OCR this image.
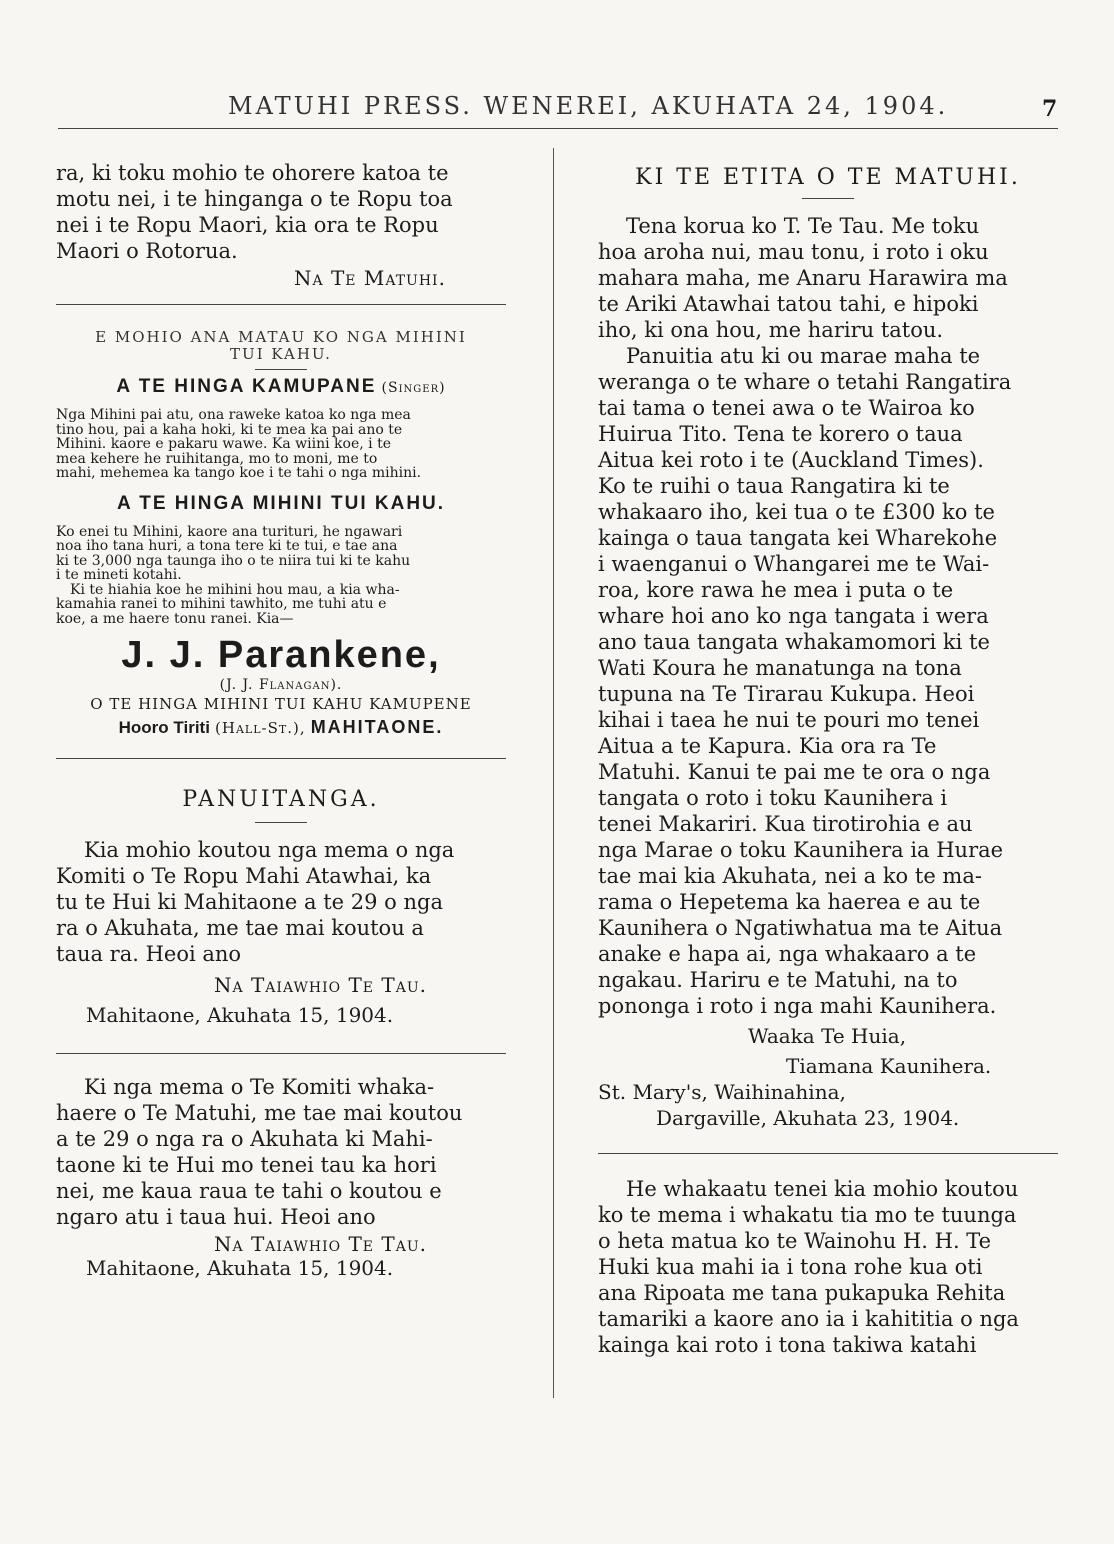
MATUHI PRESS. WENEREI, AKUHATA 24, 1904.	7
ra, ki toku mohio te ohorere katoa te
motu nei, i te hinganga o te Ropu toa
nei i te Ropu Maori, kia ora te Ropu
Maori o Rotorua.
Na Te Matuhi.
E MOHIO ANA MATAU KO NGA MIHINI
TUI KAHU.
A TE HINGA KAMUPANE (Singer)
Nga Mihini pai atu, ona raweke katoa ko nga mea
tino hou, pai a kaha hoki, ki te mea ka pai ano te
Mihini. kaore e pakaru wawe. Ka wiini koe, i te
mea kehere he ruihitanga, mo to moni, me to
mahi, mehemea ka tango koe i te tahi o nga mihini.
A TE HINGA MIHINI TUI KAHU.
Ko enei tu Mihini, kaore ana turituri, he ngawari
noa iho tana huri, a tona tere ki te tui, e tae ana
ki te 3,000 nga taunga iho o te niira tui ki te kahu
i te mineti kotahi.
Ki te hiahia koe he mihini hou mau, a kia wha-
kamahia ranei to mihini tawhito, me tuhi atu e
koe, a me haere tonu ranei. Kia—
J. J. Parankene,
(J. J. Flanagan).
O TE HINGA MIHINI TUI KAHU KAMUPENE
Hooro Tiriti (Hall-St.), MAHITAONE.
PANUITANGA.
Kia mohio koutou nga mema o nga
Komiti o Te Ropu Mahi Atawhai, ka
tu te Hui ki Mahitaone a te 29 o nga
ra o Akuhata, me tae mai koutou a
taua ra. Heoi ano
Na Taiawhio Te Tau.
Mahitaone, Akuhata 15, 1904.
Ki nga mema o Te Komiti whaka-
haere o Te Matuhi, me tae mai koutou
a te 29 o nga ra o Akuhata ki Mahi-
taone ki te Hui mo tenei tau ka hori
nei, me kaua raua te tahi o koutou e
ngaro atu i taua hui. Heoi ano
Na Taiawhio Te Tau.
Mahitaone, Akuhata 15, 1904.
KI TE ETITA O TE MATUHI.
Tena korua ko T. Te Tau. Me toku
hoa aroha nui, mau tonu, i roto i oku
mahara maha, me Anaru Harawira ma
te Ariki Atawhai tatou tahi, e hipoki
iho, ki ona hou, me hariru tatou.
Panuitia atu ki ou marae maha te
weranga o te whare o tetahi Rangatira
tai tama o tenei awa o te Wairoa ko
Huirua Tito. Tena te korero o taua
Aitua kei roto i te (Auckland Times).
Ko te ruihi o taua Rangatira ki te
whakaaro iho, kei tua o te £300 ko te
kainga o taua tangata kei Wharekohe
i waenganui o Whangarei me te Wai-
roa, kore rawa he mea i puta o te
whare hoi ano ko nga tangata i wera
ano taua tangata whakamomori ki te
Wati Koura he manatunga na tona
tupuna na Te Tirarau Kukupa. Heoi
kihai i taea he nui te pouri mo tenei
Aitua a te Kapura. Kia ora ra Te
Matuhi. Kanui te pai me te ora o nga
tangata o roto i toku Kaunihera i
tenei Makariri. Kua tirotirohia e au
nga Marae o toku Kaunihera ia Hurae
tae mai kia Akuhata, nei a ko te ma-
rama o Hepetema ka haerea e au te
Kaunihera o Ngatiwhatua ma te Aitua
anake e hapa ai, nga whakaaro a te
ngakau. Hariru e te Matuhi, na to
pononga i roto i nga mahi Kaunihera.
Waaka Te Huia,
Tiamana Kaunihera.
St. Mary's, Waihinahina,
Dargaville, Akuhata 23, 1904.
He whakaatu tenei kia mohio koutou
ko te mema i whakatu tia mo te tuunga
o heta matua ko te Wainohu H. H. Te
Huki kua mahi ia i tona rohe kua oti
ana Ripoata me tana pukapuka Rehita
tamariki a kaore ano ia i kahititia o nga
kainga kai roto i tona takiwa katahi
